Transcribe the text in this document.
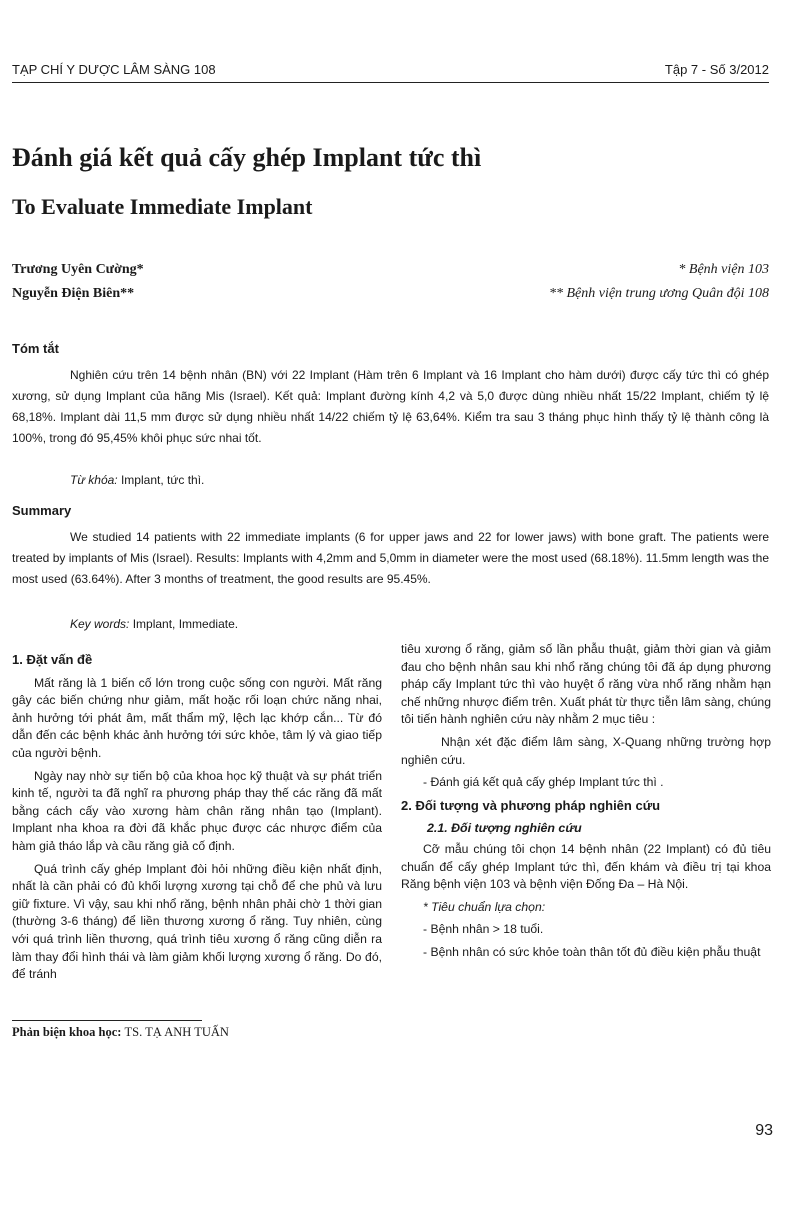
TẠP CHÍ Y DƯỢC LÂM SÀNG 108	Tập 7 - Số 3/2012
Đánh giá kết quả cấy ghép Implant tức thì
To Evaluate Immediate Implant
Trương Uyên Cường*	* Bệnh viện 103
Nguyễn Điện Biên**	** Bệnh viện trung ương Quân đội 108
Tóm tắt

Nghiên cứu trên 14 bệnh nhân (BN) với 22 Implant (Hàm trên 6 Implant và 16 Implant cho hàm dưới) được cấy tức thì có ghép xương, sử dụng Implant của hãng Mis (Israel). Kết quả: Implant đường kính 4,2 và 5,0 được dùng nhiều nhất 15/22 Implant, chiếm tỷ lệ 68,18%. Implant dài 11,5 mm được sử dụng nhiều nhất 14/22 chiếm tỷ lệ 63,64%. Kiểm tra sau 3 tháng phục hình thấy tỷ lệ thành công là 100%, trong đó 95,45% khôi phục sức nhai tốt.

Từ khóa: Implant, tức thì.
Summary

We studied 14 patients with 22 immediate implants (6 for upper jaws and 22 for lower jaws) with bone graft. The patients were treated by implants of Mis (Israel). Results: Implants with 4,2mm and 5,0mm in diameter were the most used (68.18%). 11.5mm length was the most used (63.64%). After 3 months of treatment, the good results are 95.45%.

Key words: Implant, Immediate.
1. Đặt vấn đề

Mất răng là 1 biến cố lớn trong cuộc sống con người. Mất răng gây các biến chứng như giảm, mất hoặc rối loạn chức năng nhai, ảnh hưởng tới phát âm, mất thẩm mỹ, lệch lạc khớp cắn... Từ đó dẫn đến các bệnh khác ảnh hưởng tới sức khỏe, tâm lý và giao tiếp của người bệnh.

Ngày nay nhờ sự tiến bộ của khoa học kỹ thuật và sự phát triển kinh tế, người ta đã nghĩ ra phương pháp thay thế các răng đã mất bằng cách cấy vào xương hàm chân răng nhân tạo (Implant). Implant nha khoa ra đời đã khắc phục được các nhược điểm của hàm giả tháo lắp và cầu răng giả cố định.

Quá trình cấy ghép Implant đòi hỏi những điều kiện nhất định, nhất là cần phải có đủ khối lượng xương tại chỗ để che phủ và lưu giữ fixture. Vì vậy, sau khi nhổ răng, bệnh nhân phải chờ 1 thời gian (thường 3-6 tháng) để liền thương xương ổ răng. Tuy nhiên, cùng với quá trình liền thương, quá trình tiêu xương ổ răng cũng diễn ra làm thay đổi hình thái và làm giảm khối lượng xương ổ răng. Do đó, để tránh

tiêu xương ổ răng, giảm số lần phẫu thuật, giảm thời gian và giảm đau cho bệnh nhân sau khi nhổ răng chúng tôi đã áp dụng phương pháp cấy Implant tức thì vào huyệt ổ răng vừa nhổ răng nhằm hạn chế những nhược điểm trên. Xuất phát từ thực tiễn lâm sàng, chúng tôi tiến hành nghiên cứu này nhằm 2 mục tiêu :

Nhận xét đặc điểm lâm sàng, X-Quang những trường hợp nghiên cứu.

- Đánh giá kết quả cấy ghép Implant tức thì .

2. Đối tượng và phương pháp nghiên cứu
2.1. Đối tượng nghiên cứu

Cỡ mẫu chúng tôi chọn 14 bệnh nhân (22 Implant) có đủ tiêu chuẩn để cấy ghép Implant tức thì, đến khám và điều trị tại khoa Răng bệnh viện 103 và bệnh viện Đống Đa – Hà Nội.

* Tiêu chuẩn lựa chọn:

- Bệnh nhân > 18 tuổi.

- Bệnh nhân có sức khỏe toàn thân tốt đủ điều kiện phẫu thuật

Phản biện khoa học: TS. TẠ ANH TUẤN
93
